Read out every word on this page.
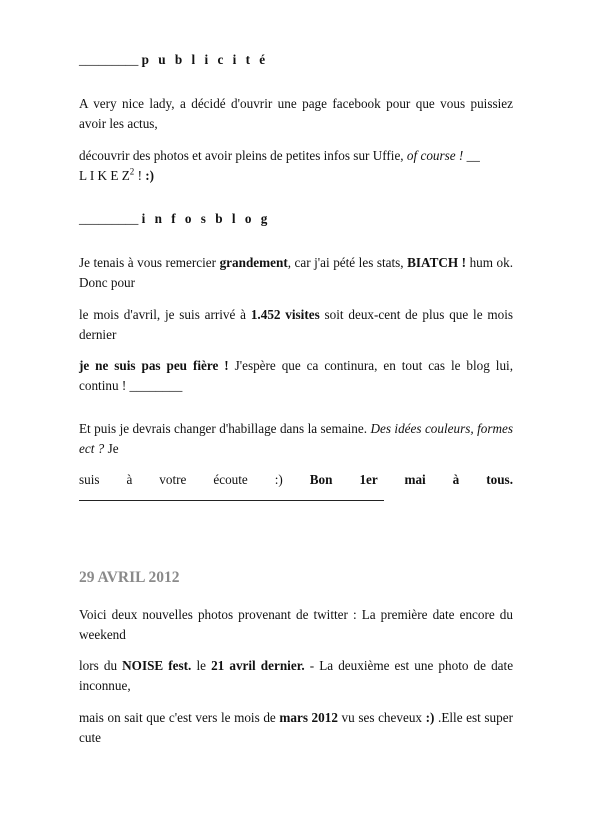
_________ p u b l i c i t é

A very nice lady, a décidé d'ouvrir une page facebook pour que vous puissiez avoir les actus,

découvrir des photos et avoir pleins de petites infos sur Uffie, of course ! __
L I K E $Z^2$ ! :)

_________ i n f o s b l o g

Je tenais à vous remercier grandement, car j'ai pété les stats, BIATCH ! hum ok. Donc pour

le mois d'avril, je suis arrivé à 1.452 visites soit deux-cent de plus que le mois dernier

je ne suis pas peu fière ! J'espère que ca continura, en tout cas le blog lui, continu ! ________

Et puis je devrais changer d'habillage dans la semaine. Des idées couleurs, formes ect ? Je

suis à votre écoute :) Bon 1er mai à tous.

29 AVRIL 2012

Voici deux nouvelles photos provenant de twitter : La première date encore du weekend

lors du NOISE fest. le 21 avril dernier. - La deuxième est une photo de date inconnue,

mais on sait que c'est vers le mois de mars 2012 vu ses cheveux :) .Elle est super cute
